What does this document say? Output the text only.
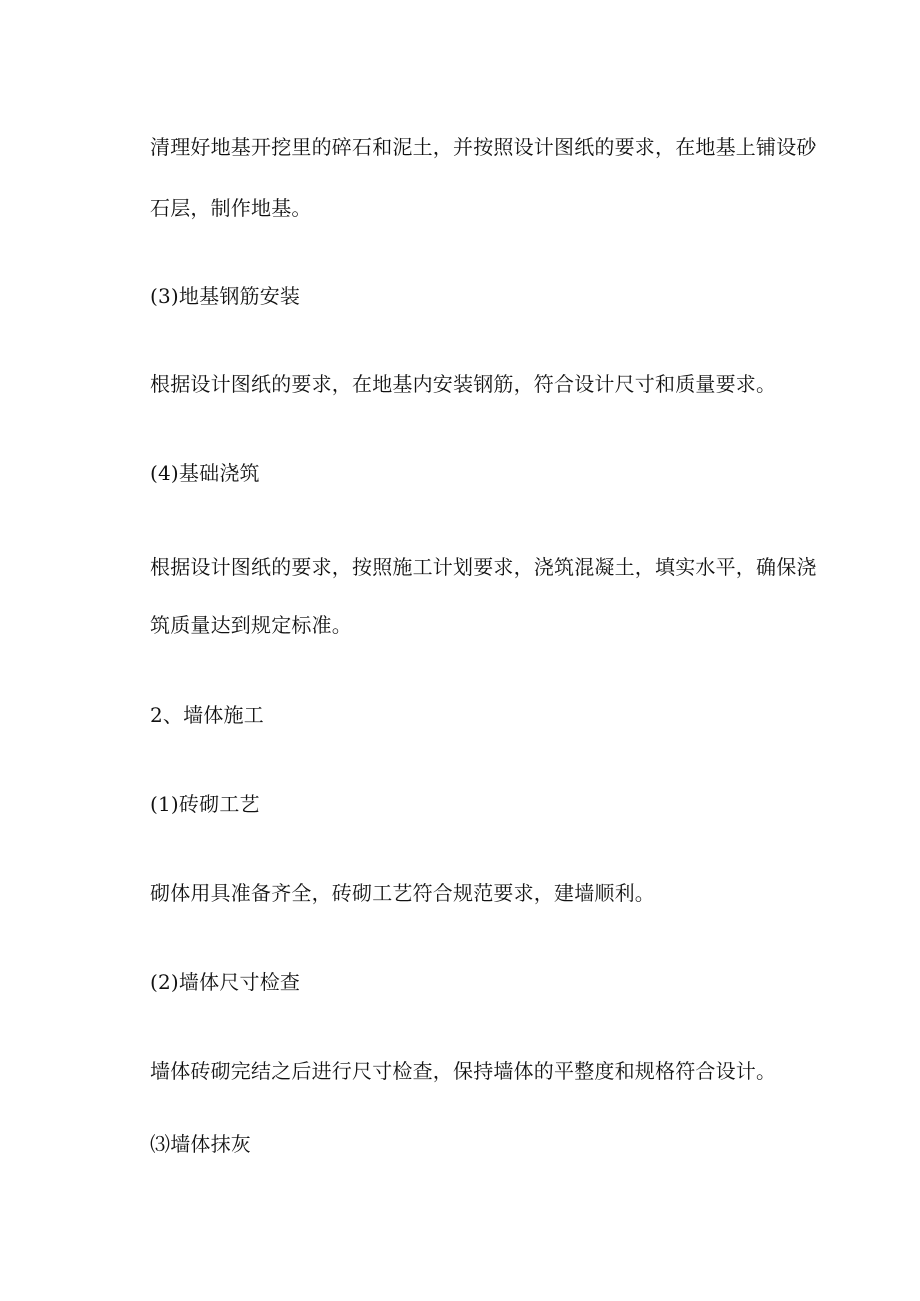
清理好地基开挖里的碎石和泥土，并按照设计图纸的要求，在地基上铺设砂
石层，制作地基。
(3)地基钢筋安装
根据设计图纸的要求，在地基内安装钢筋，符合设计尺寸和质量要求。
(4)基础浇筑
根据设计图纸的要求，按照施工计划要求，浇筑混凝土，填实水平，确保浇
筑质量达到规定标准。
2、墙体施工
(1)砖砌工艺
砌体用具准备齐全，砖砌工艺符合规范要求，建墙顺利。
(2)墙体尺寸检查
墙体砖砌完结之后进行尺寸检查，保持墙体的平整度和规格符合设计。
⑶墙体抹灰
